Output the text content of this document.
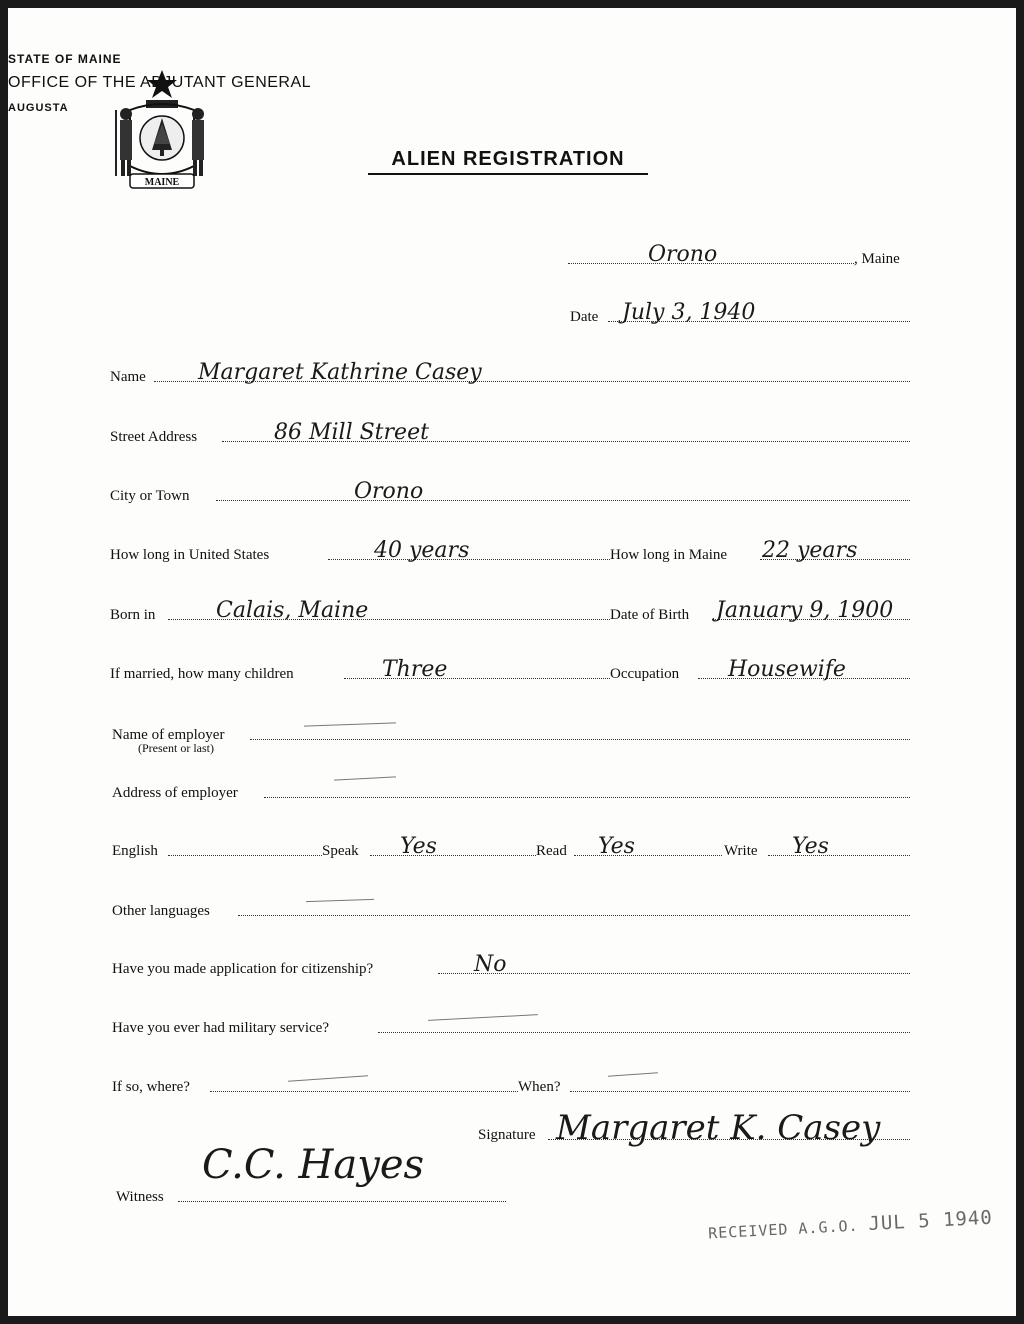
MAINE
STATE OF MAINE
OFFICE OF THE ADJUTANT GENERAL
AUGUSTA
ALIEN REGISTRATION
Orono	, Maine
Date July 3, 1940
Name Margaret Kathrine Casey
Street Address	86 Mill Street
City or Town	Orono
How long in United States	40 years	How long in Maine 22 years
Born in	Calais, Maine	Date of Birth January 9, 1900
If married, how many children	Three	Occupation Housewife
Name of employer
(Present or last)
Address of employer
English	Speak Yes	Read Yes	Write Yes
Other languages
Have you made application for citizenship?	No
Have you ever had military service?
If so, where?	When?
Signature Margaret K. Casey
Witness
C.C. Hayes
RECEIVED A.G.O. JUL 5 1940
